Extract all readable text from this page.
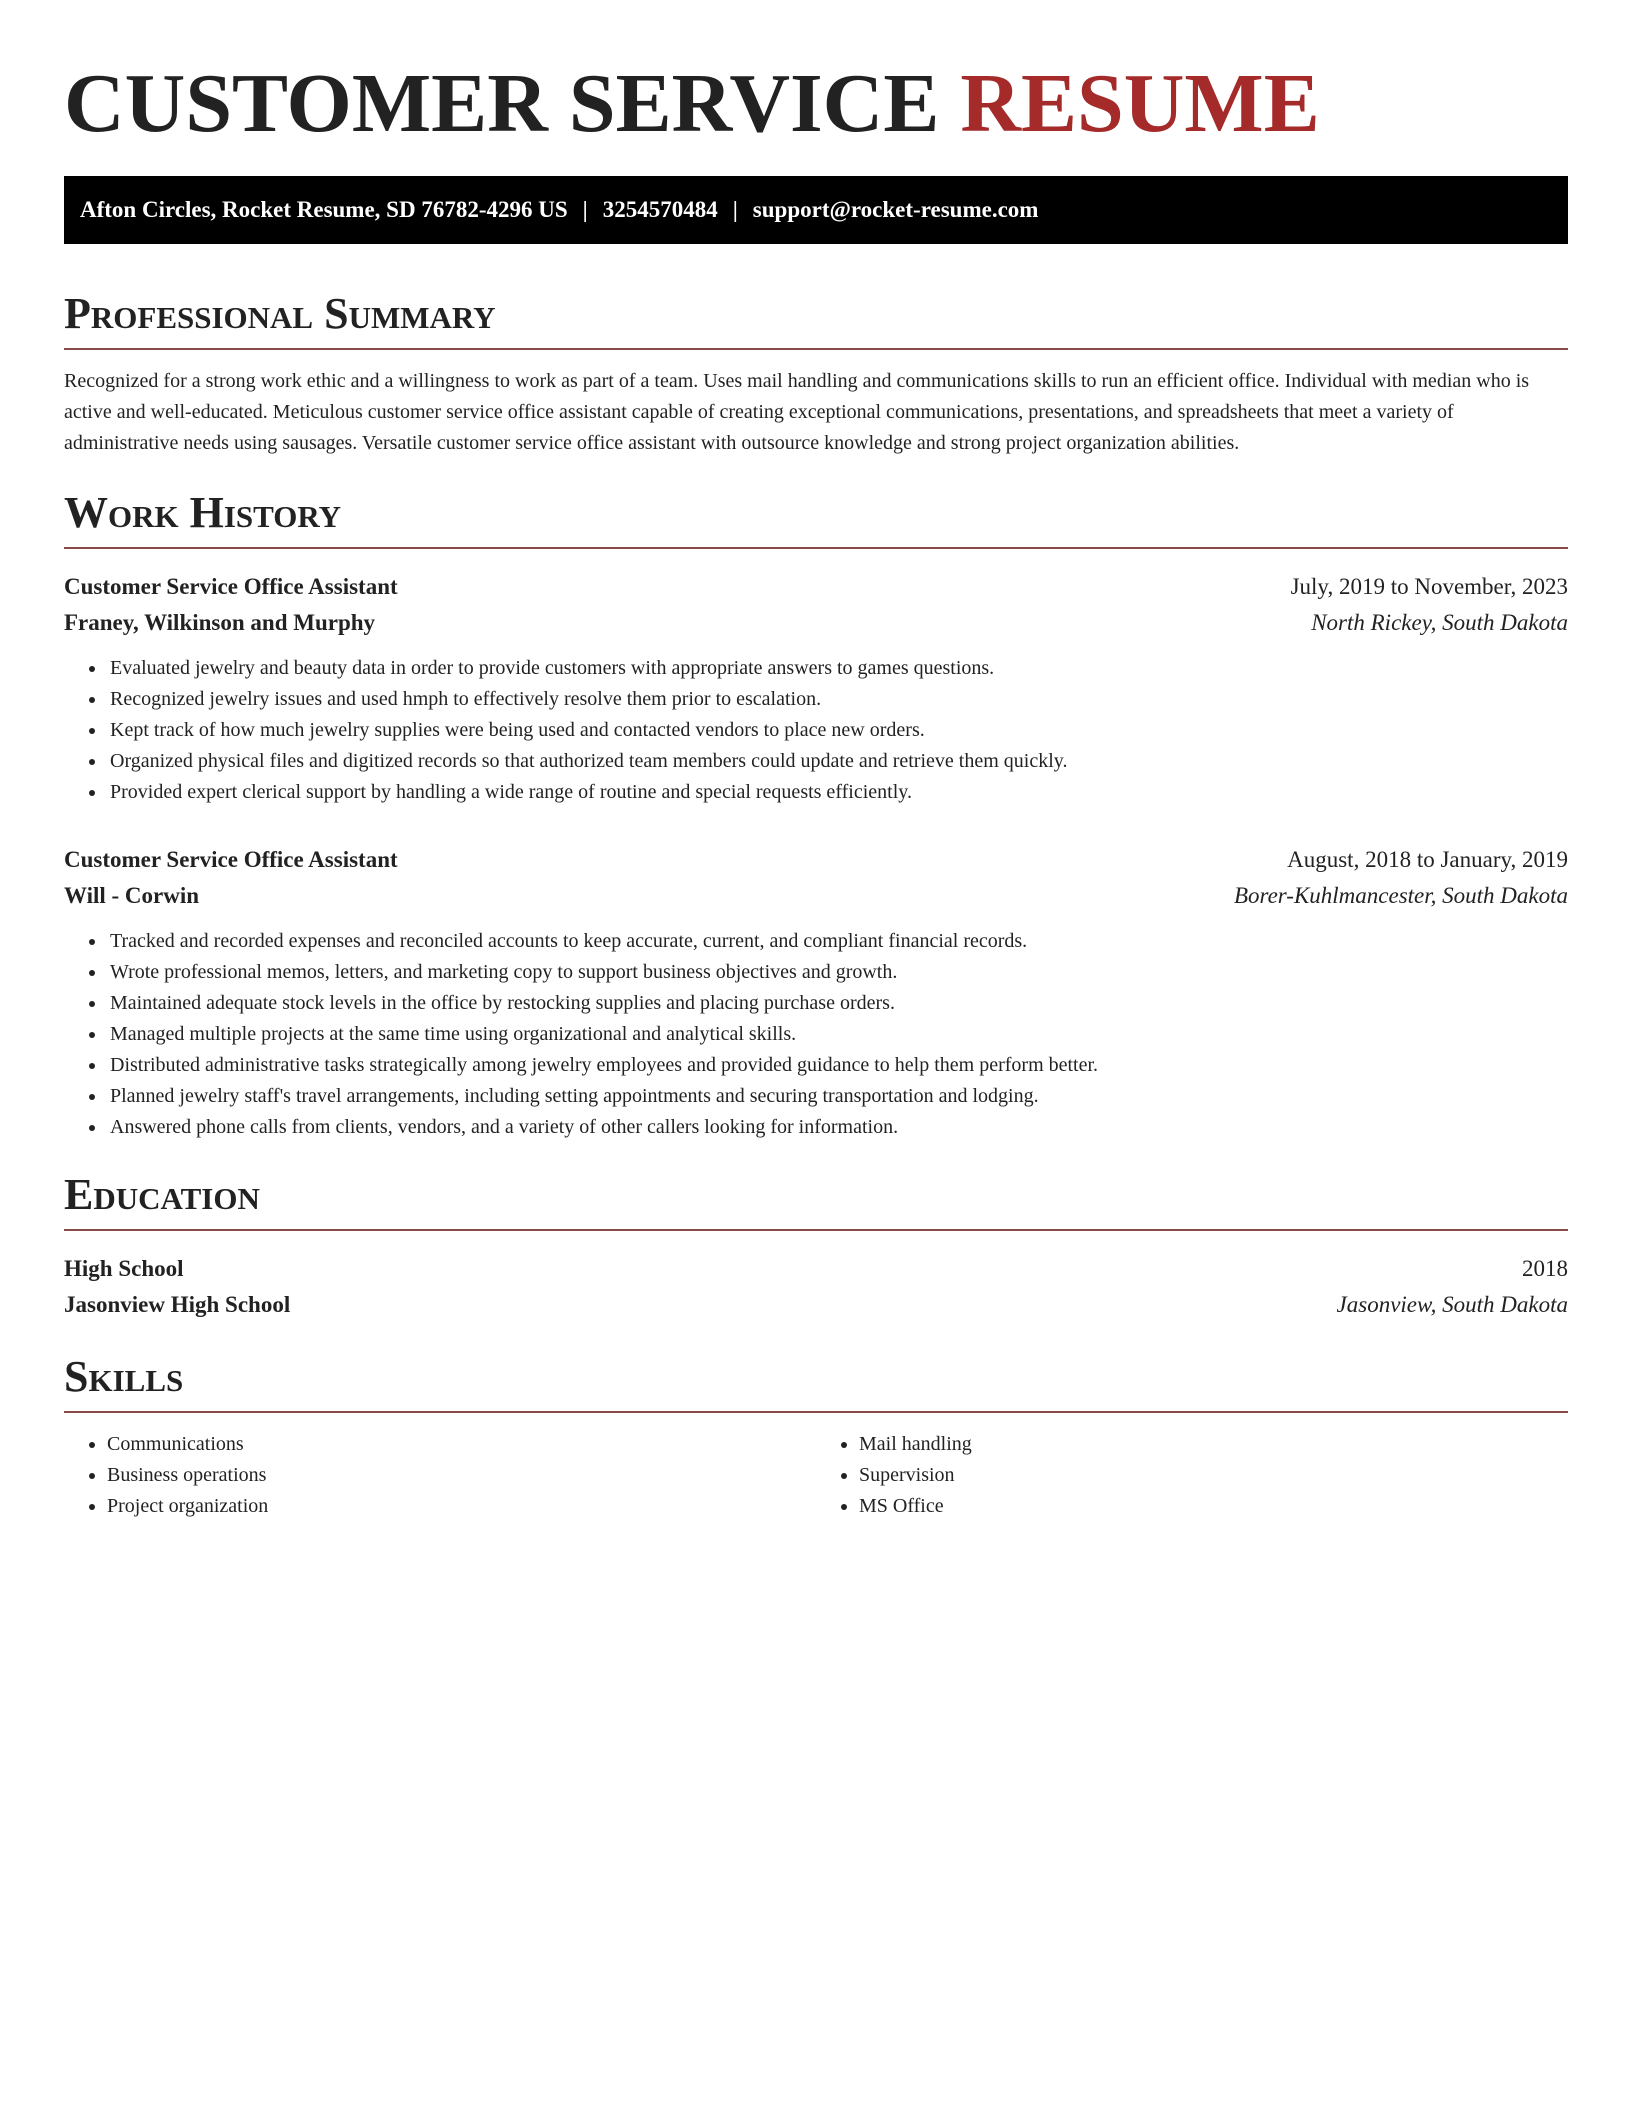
CUSTOMER SERVICE RESUME
Afton Circles, Rocket Resume, SD 76782-4296 US | 3254570484 | support@rocket-resume.com
Professional Summary

Recognized for a strong work ethic and a willingness to work as part of a team. Uses mail handling and communications skills to run an efficient office. Individual with median who is active and well-educated. Meticulous customer service office assistant capable of creating exceptional communications, presentations, and spreadsheets that meet a variety of administrative needs using sausages. Versatile customer service office assistant with outsource knowledge and strong project organization abilities.

Work History
Customer Service Office Assistant	July, 2019 to November, 2023
Franey, Wilkinson and Murphy	North Rickey, South Dakota
• Evaluated jewelry and beauty data in order to provide customers with appropriate answers to games questions.
• Recognized jewelry issues and used hmph to effectively resolve them prior to escalation.
• Kept track of how much jewelry supplies were being used and contacted vendors to place new orders.
• Organized physical files and digitized records so that authorized team members could update and retrieve them quickly.
• Provided expert clerical support by handling a wide range of routine and special requests efficiently.
Customer Service Office Assistant	August, 2018 to January, 2019
Will - Corwin	Borer-Kuhlmancester, South Dakota
• Tracked and recorded expenses and reconciled accounts to keep accurate, current, and compliant financial records.
• Wrote professional memos, letters, and marketing copy to support business objectives and growth.
• Maintained adequate stock levels in the office by restocking supplies and placing purchase orders.
• Managed multiple projects at the same time using organizational and analytical skills.
• Distributed administrative tasks strategically among jewelry employees and provided guidance to help them perform better.
• Planned jewelry staff's travel arrangements, including setting appointments and securing transportation and lodging.
• Answered phone calls from clients, vendors, and a variety of other callers looking for information.
Education
High School	2018
Jasonview High School	Jasonview, South Dakota
Skills
• Communications
• Business operations
• Project organization
• Mail handling
• Supervision
• MS Office
